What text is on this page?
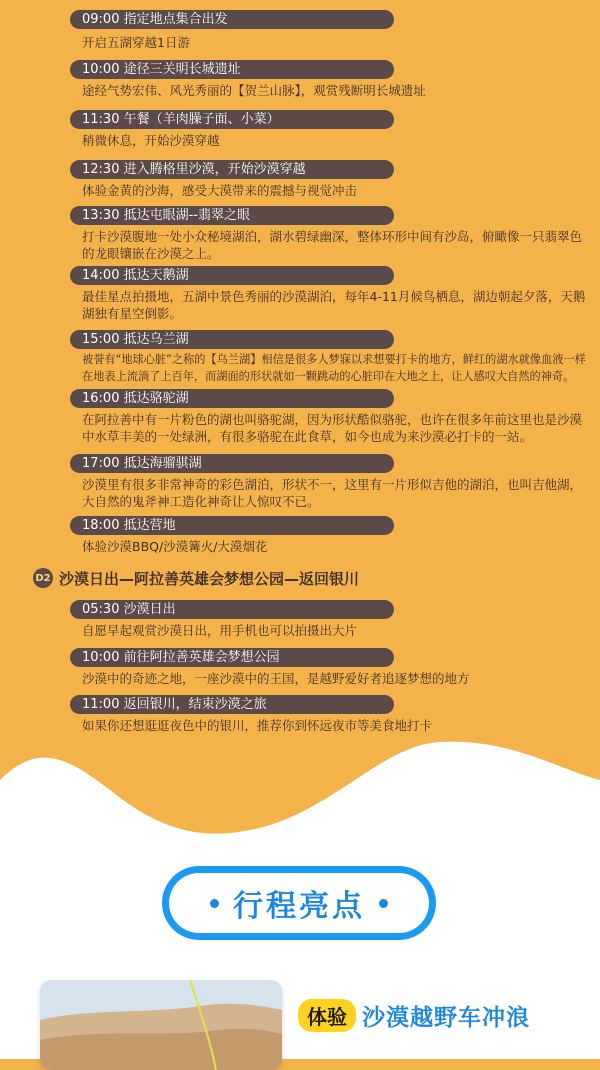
09:00 指定地点集合出发
开启五湖穿越1日游
10:00 途径三关明长城遗址
途经气势宏伟、风光秀丽的【贺兰山脉】，观赏残断明长城遗址
11:30 午餐（羊肉臊子面、小菜）
稍微休息，开始沙漠穿越
12:30 进入腾格里沙漠，开始沙漠穿越
体验金黄的沙海，感受大漠带来的震撼与视觉冲击
13:30 抵达屯眼湖--翡翠之眼
打卡沙漠腹地一处小众秘境湖泊，湖水碧绿幽深，整体环形中间有沙岛，俯瞰像一只翡翠色的龙眼镶嵌在沙漠之上。
14:00 抵达天鹅湖
最佳星点拍摄地，五湖中景色秀丽的沙漠湖泊，每年4-11月候鸟栖息，湖边朝起夕落，天鹅湖独有星空倒影。
15:00 抵达乌兰湖
被誉有“地球心脏”之称的【乌兰湖】相信是很多人梦寐以求想要打卡的地方，鲜红的湖水就像血液一样在地表上流淌了上百年，而湖面的形状就如一颗跳动的心脏印在大地之上，让人感叹大自然的神奇。
16:00 抵达骆驼湖
在阿拉善中有一片粉色的湖也叫骆驼湖，因为形状酷似骆驼，也许在很多年前这里也是沙漠中水草丰美的一处绿洲，有很多骆驼在此食草，如今也成为来沙漠必打卡的一站。
17:00 抵达海骝骐湖
沙漠里有很多非常神奇的彩色湖泊，形状不一，这里有一片形似吉他的湖泊，也叫吉他湖，大自然的鬼斧神工造化神奇让人惊叹不已。
18:00 抵达营地
体验沙漠BBQ/沙漠篝火/大漠烟花
D2 沙漠日出—阿拉善英雄会梦想公园—返回银川
05:30 沙漠日出
自愿早起观赏沙漠日出，用手机也可以拍摄出大片
10:00 前往阿拉善英雄会梦想公园
沙漠中的奇迹之地，一座沙漠中的王国，是越野爱好者追逐梦想的地方
11:00 返回银川，结束沙漠之旅
如果你还想逛逛夜色中的银川，推荐你到怀远夜市等美食地打卡
行程亮点
体验 沙漠越野车冲浪
